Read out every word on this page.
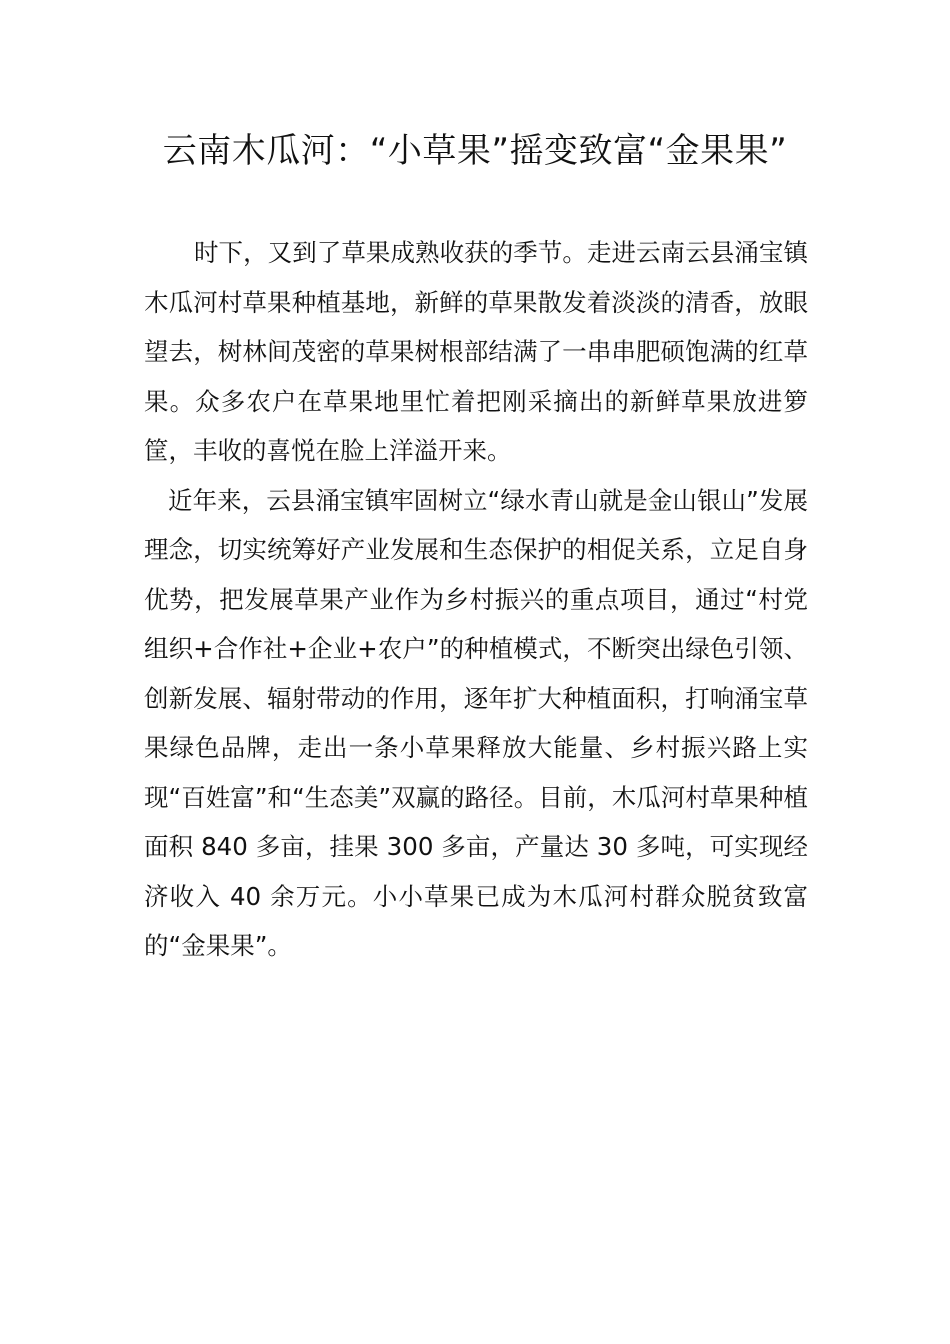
云南木瓜河：“小草果”摇变致富“金果果”

时下，又到了草果成熟收获的季节。走进云南云县涌宝镇木瓜河村草果种植基地，新鲜的草果散发着淡淡的清香，放眼望去，树林间茂密的草果树根部结满了一串串肥硕饱满的红草果。众多农户在草果地里忙着把刚采摘出的新鲜草果放进箩筐，丰收的喜悦在脸上洋溢开来。

近年来，云县涌宝镇牢固树立“绿水青山就是金山银山”发展理念，切实统筹好产业发展和生态保护的相促关系，立足自身优势，把发展草果产业作为乡村振兴的重点项目，通过“村党组织+合作社+企业+农户”的种植模式，不断突出绿色引领、创新发展、辐射带动的作用，逐年扩大种植面积，打响涌宝草果绿色品牌，走出一条小草果释放大能量、乡村振兴路上实现“百姓富”和“生态美”双赢的路径。目前，木瓜河村草果种植面积 840 多亩，挂果 300 多亩，产量达 30 多吨，可实现经济收入 40 余万元。小小草果已成为木瓜河村群众脱贫致富的“金果果”。
